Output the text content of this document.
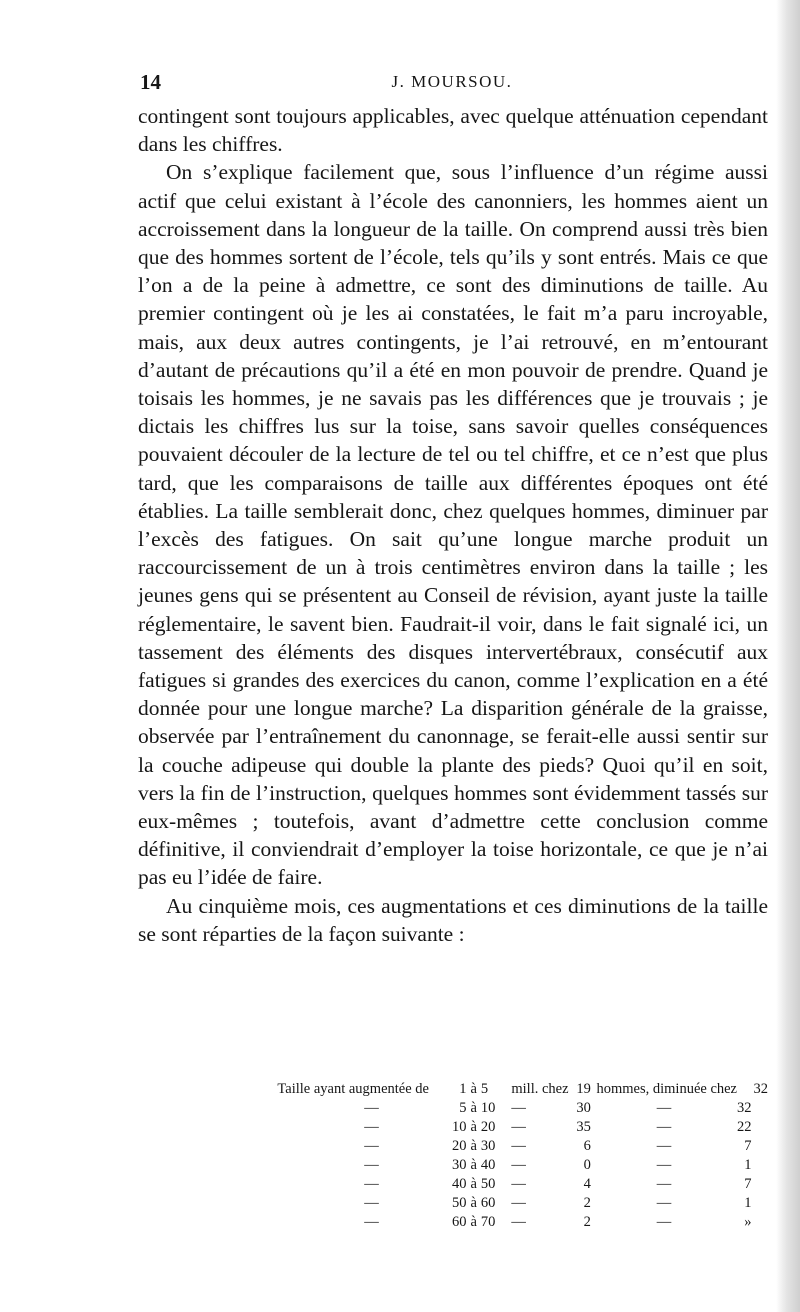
14	J. MOURSOU.

contingent sont toujours applicables, avec quelque atténuation cependant dans les chiffres.

On s’explique facilement que, sous l’influence d’un régime aussi actif que celui existant à l’école des canonniers, les hommes aient un accroissement dans la longueur de la taille. On comprend aussi très bien que des hommes sortent de l’école, tels qu’ils y sont entrés. Mais ce que l’on a de la peine à admettre, ce sont des diminutions de taille. Au premier contingent où je les ai constatées, le fait m’a paru incroyable, mais, aux deux autres contingents, je l’ai retrouvé, en m’entourant d’autant de précautions qu’il a été en mon pouvoir de prendre. Quand je toisais les hommes, je ne savais pas les différences que je trouvais ; je dictais les chiffres lus sur la toise, sans savoir quelles conséquences pouvaient découler de la lecture de tel ou tel chiffre, et ce n’est que plus tard, que les comparaisons de taille aux différentes époques ont été établies. La taille semblerait donc, chez quelques hommes, diminuer par l’excès des fatigues. On sait qu’une longue marche produit un raccourcissement de un à trois centimètres environ dans la taille ; les jeunes gens qui se présentent au Conseil de révision, ayant juste la taille réglementaire, le savent bien. Faudrait-il voir, dans le fait signalé ici, un tassement des éléments des disques intervertébraux, consécutif aux fatigues si grandes des exercices du canon, comme l’explication en a été donnée pour une longue marche? La disparition générale de la graisse, observée par l’entraînement du canonnage, se ferait-elle aussi sentir sur la couche adipeuse qui double la plante des pieds? Quoi qu’il en soit, vers la fin de l’instruction, quelques hommes sont évidemment tassés sur eux-mêmes ; toutefois, avant d’admettre cette conclusion comme définitive, il conviendrait d’employer la toise horizontale, ce que je n’ai pas eu l’idée de faire.

Au cinquième mois, ces augmentations et ces diminutions de la taille se sont réparties de la façon suivante :

Taille ayant augmentée de	1	à	5	mill. chez	19	hommes, diminuée chez		32
—	5	à	10	—	30	—	32	
—	10	à	20	—	35	—	22	
—	20	à	30	—	6	—	7	
—	30	à	40	—	0	—	1	
—	40	à	50	—	4	—	7	
—	50	à	60	—	2	—	1	
—	60	à	70	—	2	—	»	
